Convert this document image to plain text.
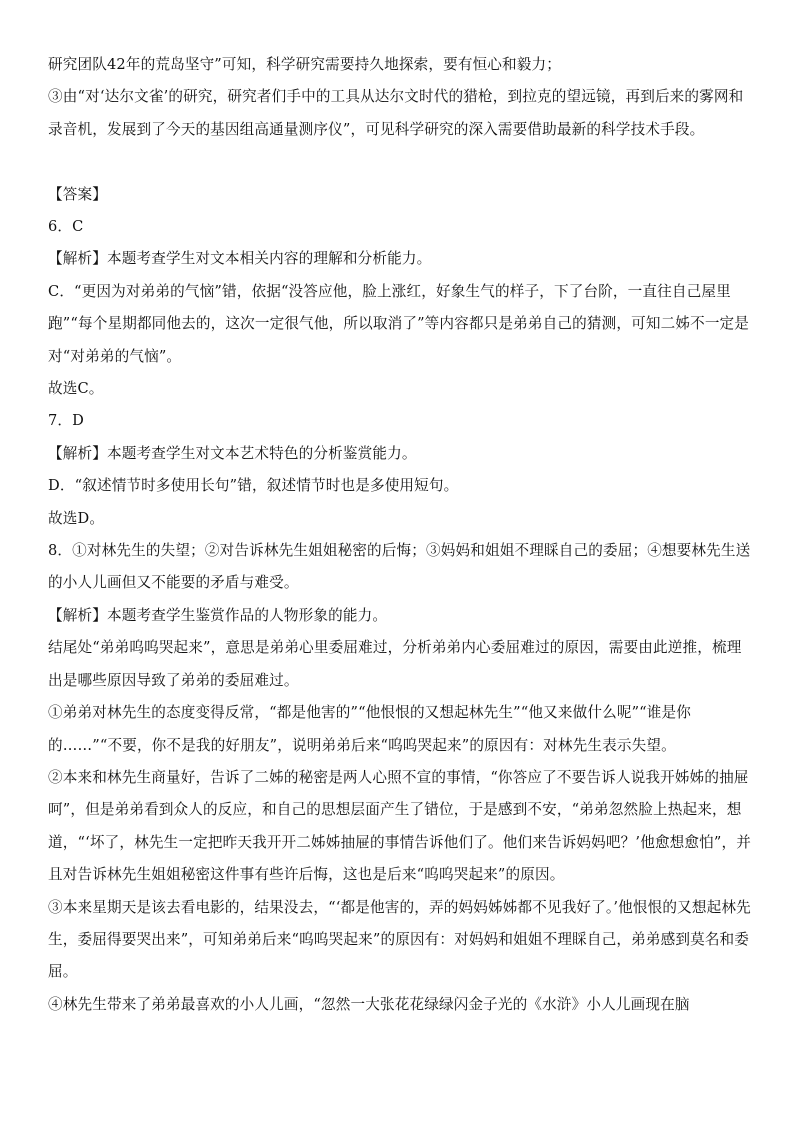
研究团队42年的荒岛坚守”可知，科学研究需要持久地探索，要有恒心和毅力；

③由“对‘达尔文雀’的研究，研究者们手中的工具从达尔文时代的猎枪，到拉克的望远镜，再到后来的雾网和录音机，发展到了今天的基因组高通量测序仪”，可见科学研究的深入需要借助最新的科学技术手段。

【答案】

6．C

【解析】本题考查学生对文本相关内容的理解和分析能力。

C．“更因为对弟弟的气恼”错，依据“没答应他，脸上涨红，好象生气的样子，下了台阶，一直往自己屋里跑”“每个星期都同他去的，这次一定很气他，所以取消了”等内容都只是弟弟自己的猜测，可知二姊不一定是对“对弟弟的气恼”。

故选C。

7．D

【解析】本题考查学生对文本艺术特色的分析鉴赏能力。

D．“叙述情节时多使用长句”错，叙述情节时也是多使用短句。

故选D。

8．①对林先生的失望；②对告诉林先生姐姐秘密的后悔；③妈妈和姐姐不理睬自己的委屈；④想要林先生送的小人儿画但又不能要的矛盾与难受。

【解析】本题考查学生鉴赏作品的人物形象的能力。

结尾处“弟弟呜呜哭起来”，意思是弟弟心里委屈难过，分析弟弟内心委屈难过的原因，需要由此逆推，梳理出是哪些原因导致了弟弟的委屈难过。

①弟弟对林先生的态度变得反常，“都是他害的”“他恨恨的又想起林先生”“他又来做什么呢”“谁是你的……”“不要，你不是我的好朋友”，说明弟弟后来“呜呜哭起来”的原因有：对林先生表示失望。

②本来和林先生商量好，告诉了二姊的秘密是两人心照不宣的事情，“你答应了不要告诉人说我开姊姊的抽屉呵”，但是弟弟看到众人的反应，和自己的思想层面产生了错位，于是感到不安，“弟弟忽然脸上热起来，想道，“‘坏了，林先生一定把昨天我开开二姊姊抽屉的事情告诉他们了。他们来告诉妈妈吧？’他愈想愈怕”，并且对告诉林先生姐姐秘密这件事有些许后悔，这也是后来“呜呜哭起来”的原因。

③本来星期天是该去看电影的，结果没去，“‘都是他害的，弄的妈妈姊姊都不见我好了。’他恨恨的又想起林先生，委屈得要哭出来”，可知弟弟后来“呜呜哭起来”的原因有：对妈妈和姐姐不理睬自己，弟弟感到莫名和委屈。

④林先生带来了弟弟最喜欢的小人儿画，“忽然一大张花花绿绿闪金子光的《水浒》小人儿画现在脑
